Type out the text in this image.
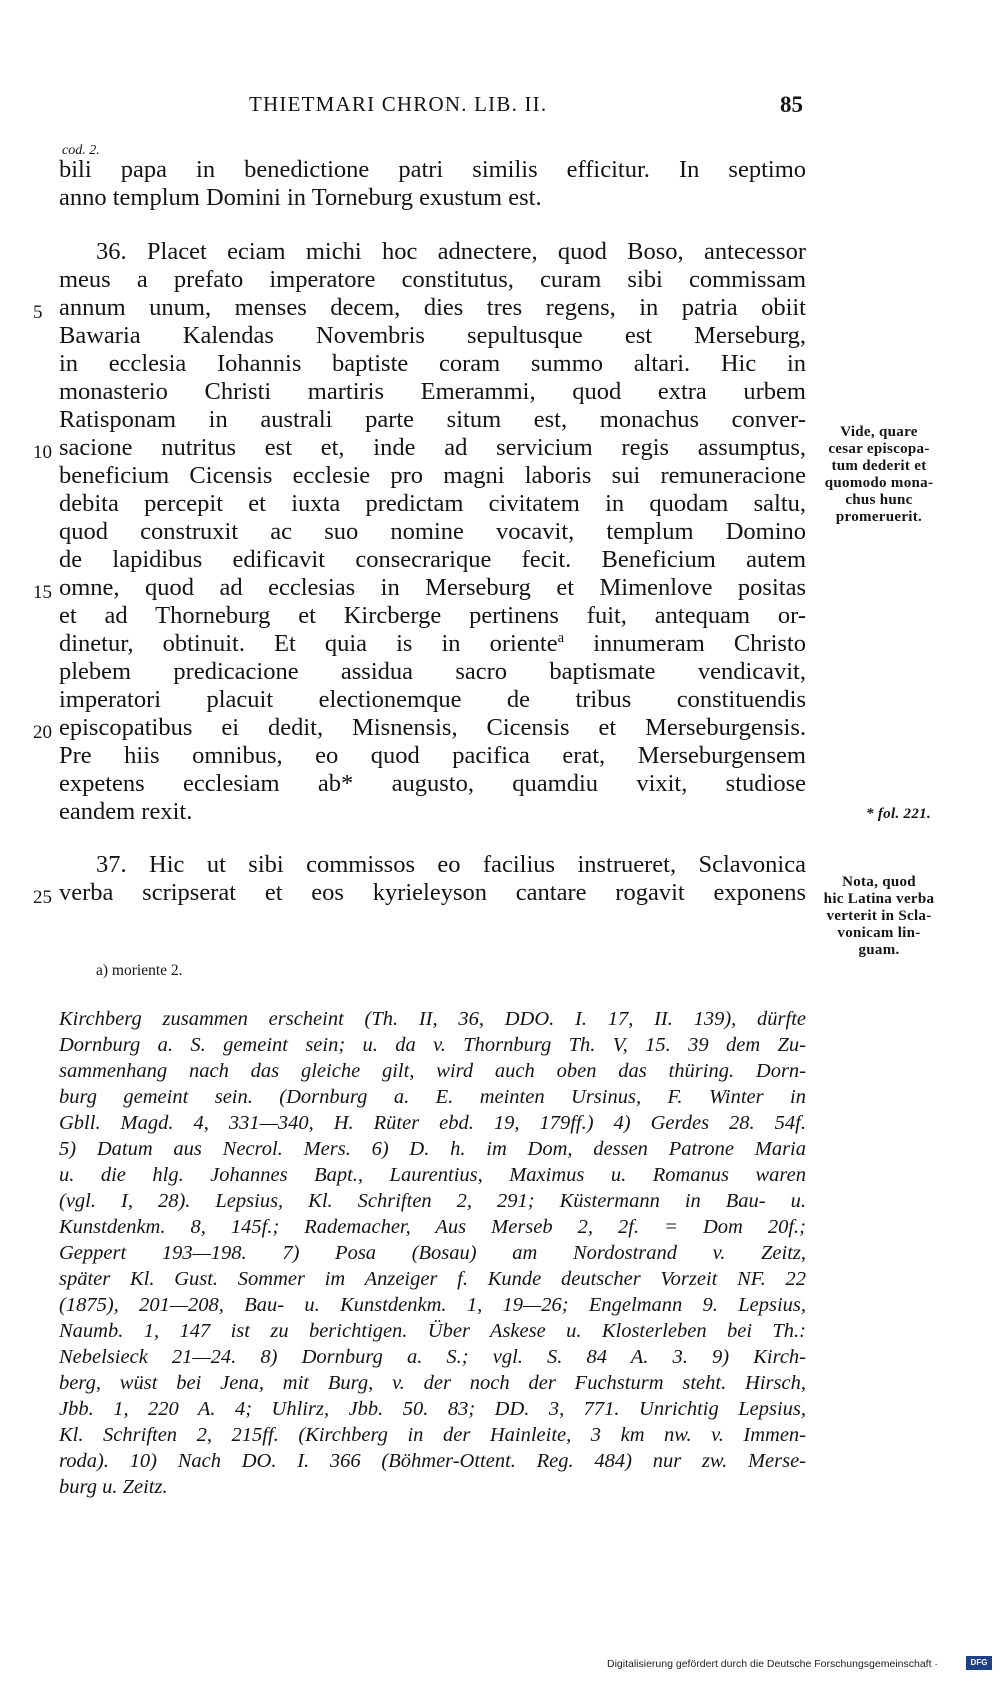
THIETMARI CHRON. LIB. II.	85
cod. 2.
bili papa in benedictione patri similis efficitur. In septimo
anno templum Domini in Torneburg exustum est.
36. Placet eciam michi hoc adnectere, quod Boso, antecessor
meus a prefato imperatore constitutus, curam sibi commissam
annum unum, menses decem, dies tres regens, in patria obiit
Bawaria Kalendas Novembris sepultusque est Merseburg,
in ecclesia Iohannis baptiste coram summo altari. Hic in
monasterio Christi martiris Emerammi, quod extra urbem
Ratisponam in australi parte situm est, monachus conver-
sacione nutritus est et, inde ad servicium regis assumptus,
beneficium Cicensis ecclesie pro magni laboris sui remuneracione
debita percepit et iuxta predictam civitatem in quodam saltu,
quod construxit ac suo nomine vocavit, templum Domino
de lapidibus edificavit consecrarique fecit. Beneficium autem
omne, quod ad ecclesias in Merseburg et Mimenlove positas
et ad Thorneburg et Kircberge pertinens fuit, antequam or-
dinetur, obtinuit. Et quia is in oriente$^a$ innumeram Christo
plebem predicacione assidua sacro baptismate vendicavit,
imperatori placuit electionemque de tribus constituendis
episcopatibus ei dedit, Misnensis, Cicensis et Merseburgensis.
Pre hiis omnibus, eo quod pacifica erat, Merseburgensem
expetens ecclesiam ab* augusto, quamdiu vixit, studiose
eandem rexit.
37. Hic ut sibi commissos eo facilius instrueret, Sclavonica
verba scripserat et eos kyrieleyson cantare rogavit exponens
5
10
15
20
25
Vide, quare
cesar episcopa-
tum dederit et
quomodo mona-
chus hunc
promeruerit.
* fol. 221.
Nota, quod
hic Latina verba
verterit in Scla-
vonicam lin-
guam.
a) moriente 2.
Kirchberg zusammen erscheint (Th. II, 36, DDO. I. 17, II. 139), dürfte
Dornburg a. S. gemeint sein; u. da v. Thornburg Th. V, 15. 39 dem Zu-
sammenhang nach das gleiche gilt, wird auch oben das thüring. Dorn-
burg gemeint sein. (Dornburg a. E. meinten Ursinus, F. Winter in
Gbll. Magd. 4, 331—340, H. Rüter ebd. 19, 179ff.) 4) Gerdes 28. 54f.
5) Datum aus Necrol. Mers. 6) D. h. im Dom, dessen Patrone Maria
u. die hlg. Johannes Bapt., Laurentius, Maximus u. Romanus waren
(vgl. I, 28). Lepsius, Kl. Schriften 2, 291; Küstermann in Bau- u.
Kunstdenkm. 8, 145f.; Rademacher, Aus Merseb 2, 2f. = Dom 20f.;
Geppert 193—198. 7) Posa (Bosau) am Nordostrand v. Zeitz,
später Kl. Gust. Sommer im Anzeiger f. Kunde deutscher Vorzeit NF. 22
(1875), 201—208, Bau- u. Kunstdenkm. 1, 19—26; Engelmann 9. Lepsius,
Naumb. 1, 147 ist zu berichtigen. Über Askese u. Klosterleben bei Th.:
Nebelsieck 21—24. 8) Dornburg a. S.; vgl. S. 84 A. 3. 9) Kirch-
berg, wüst bei Jena, mit Burg, v. der noch der Fuchsturm steht. Hirsch,
Jbb. 1, 220 A. 4; Uhlirz, Jbb. 50. 83; DD. 3, 771. Unrichtig Lepsius,
Kl. Schriften 2, 215ff. (Kirchberg in der Hainleite, 3 km nw. v. Immen-
roda). 10) Nach DO. I. 366 (Böhmer-Ottent. Reg. 484) nur zw. Merse-
burg u. Zeitz.
Digitalisierung gefördert durch die Deutsche Forschungsgemeinschaft ·	DFG
